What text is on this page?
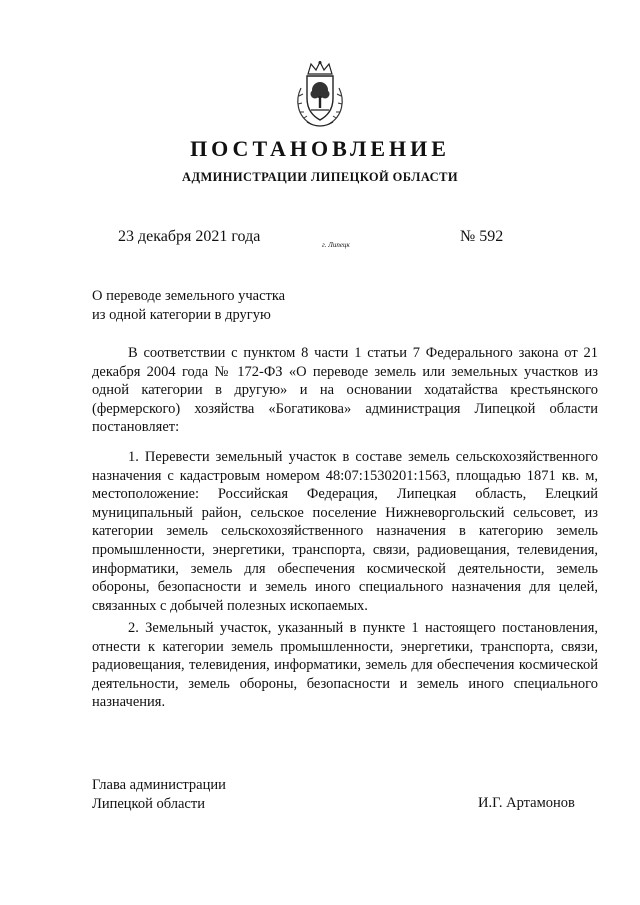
ПОСТАНОВЛЕНИЕ
АДМИНИСТРАЦИИ ЛИПЕЦКОЙ ОБЛАСТИ
23 декабря 2021 года	г. Липецк	№ 592
О переводе земельного участка
из одной категории в другую

В соответствии с пунктом 8 части 1 статьи 7 Федерального закона от 21 декабря 2004 года № 172-ФЗ «О переводе земель или земельных участков из одной категории в другую» и на основании ходатайства крестьянского (фермерского) хозяйства «Богатикова» администрация Липецкой области постановляет:

1. Перевести земельный участок в составе земель сельскохозяйственного назначения с кадастровым номером 48:07:1530201:1563, площадью 1871 кв. м, местоположение: Российская Федерация, Липецкая область, Елецкий муниципальный район, сельское поселение Нижневоргольский сельсовет, из категории земель сельскохозяйственного назначения в категорию земель промышленности, энергетики, транспорта, связи, радиовещания, телевидения, информатики, земель для обеспечения космической деятельности, земель обороны, безопасности и земель иного специального назначения для целей, связанных с добычей полезных ископаемых.

2. Земельный участок, указанный в пункте 1 настоящего постановления, отнести к категории земель промышленности, энергетики, транспорта, связи, радиовещания, телевидения, информатики, земель для обеспечения космической деятельности, земель обороны, безопасности и земель иного специального назначения.

Глава администрации
Липецкой области	И.Г. Артамонов
